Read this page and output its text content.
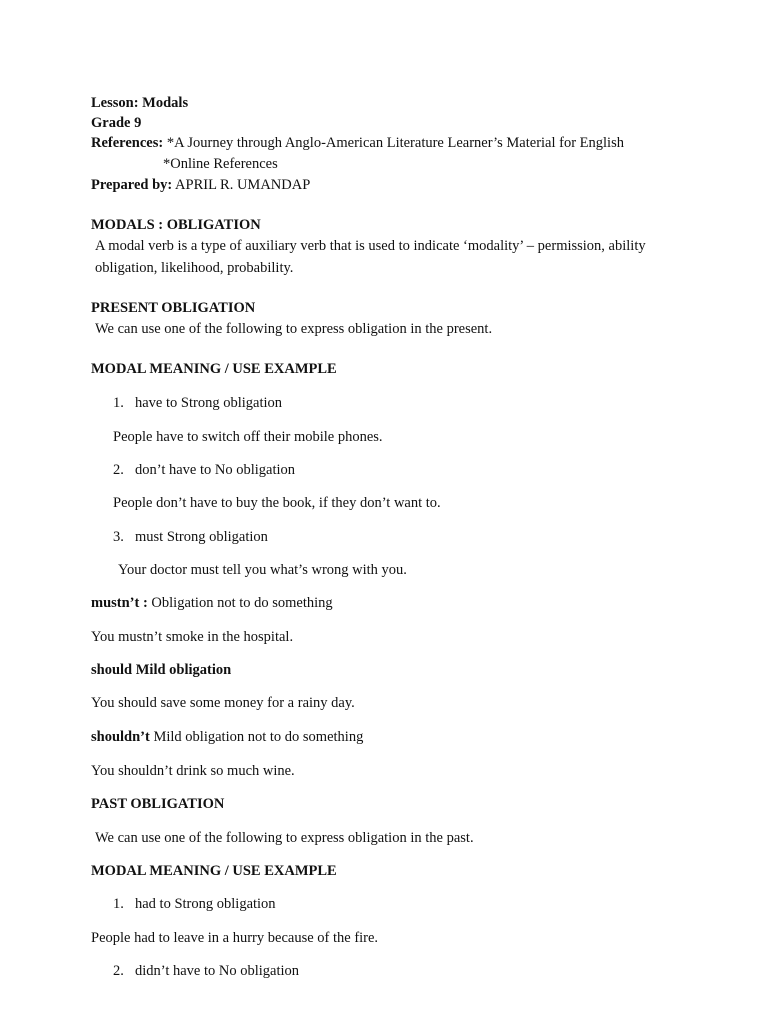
Lesson: Modals
Grade 9
References: *A Journey through Anglo-American Literature Learner’s Material for English
*Online References
Prepared by: APRIL R. UMANDAP
MODALS : OBLIGATION
A modal verb is a type of auxiliary verb that is used to indicate ‘modality’ – permission, ability
obligation, likelihood, probability.
PRESENT OBLIGATION
We can use one of the following to express obligation in the present.
MODAL MEANING / USE EXAMPLE
1. have to Strong obligation
People have to switch off their mobile phones.
2. don’t have to No obligation
People don’t have to buy the book, if they don’t want to.
3. must Strong obligation
Your doctor must tell you what’s wrong with you.
mustn’t : Obligation not to do something
You mustn’t smoke in the hospital.
should Mild obligation
You should save some money for a rainy day.
shouldn’t Mild obligation not to do something
You shouldn’t drink so much wine.
PAST OBLIGATION
We can use one of the following to express obligation in the past.
MODAL MEANING / USE EXAMPLE
1. had to Strong obligation
People had to leave in a hurry because of the fire.
2. didn’t have to No obligation
